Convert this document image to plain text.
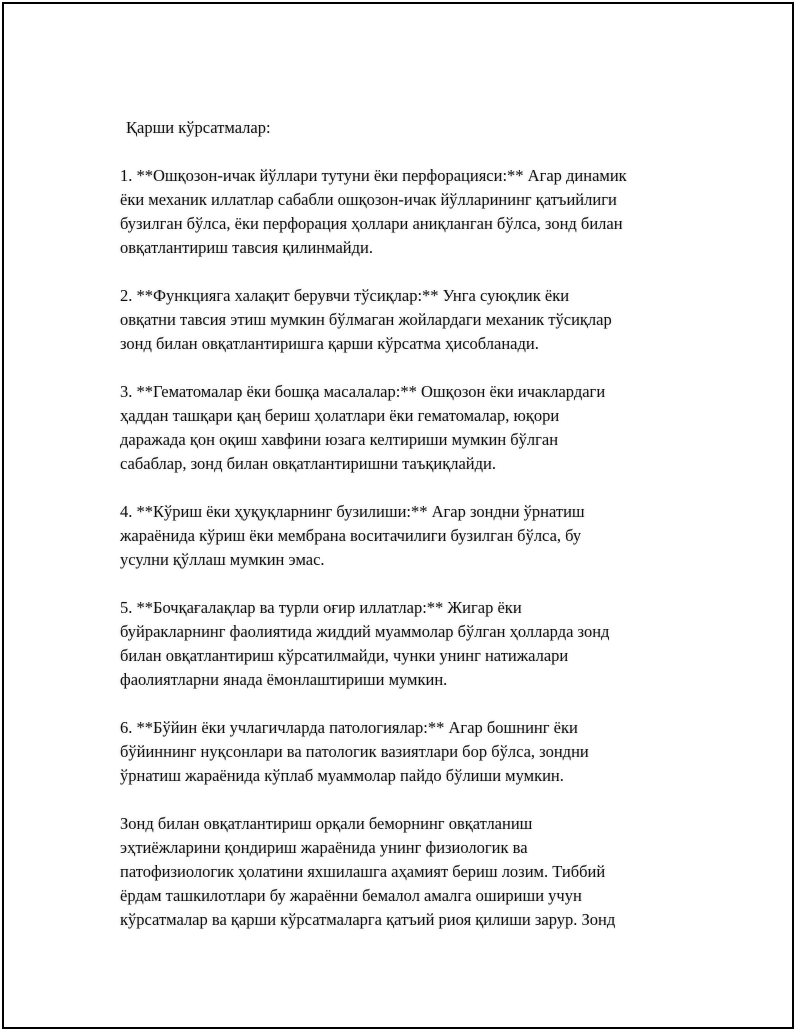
Қарши кўрсатмалар:
1. **Ошқозон-ичак йўллари тутуни ёки перфорацияси:** Агар динамик
ёки механик иллатлар сабабли ошқозон-ичак йўлларининг қатъийлиги
бузилган бўлса, ёки перфорация ҳоллари аниқланган бўлса, зонд билан
овқатлантириш тавсия қилинмайди.
2. **Функцияга халақит берувчи тўсиқлар:** Унга суюқлик ёки
овқатни тавсия этиш мумкин бўлмаган жойлардаги механик тўсиқлар
зонд билан овқатлантиришга қарши кўрсатма ҳисобланади.
3. **Гематомалар ёки бошқа масалалар:** Ошқозон ёки ичаклардаги
ҳаддан ташқари қаң бериш ҳолатлари ёки гематомалар, юқори
даражада қон оқиш хавфини юзага келтириши мумкин бўлган
сабаблар, зонд билан овқатлантиришни таъқиқлайди.
4. **Кўриш ёки ҳуқуқларнинг бузилиши:** Агар зондни ўрнатиш
жараёнида кўриш ёки мембрана воситачилиги бузилган бўлса, бу
усулни қўллаш мумкин эмас.
5. **Бочқағалақлар ва турли оғир иллатлар:** Жигар ёки
буйракларнинг фаолиятида жиддий муаммолар бўлган ҳолларда зонд
билан овқатлантириш кўрсатилмайди, чунки унинг натижалари
фаолиятларни янада ёмонлаштириши мумкин.
6. **Бўйин ёки учлагичларда патологиялар:** Агар бошнинг ёки
бўйиннинг нуқсонлари ва патологик вазиятлари бор бўлса, зондни
ўрнатиш жараёнида кўплаб муаммолар пайдо бўлиши мумкин.
Зонд билан овқатлантириш орқали беморнинг овқатланиш
эҳтиёжларини қондириш жараёнида унинг физиологик ва
патофизиологик ҳолатини яхшилашга аҳамият бериш лозим. Тиббий
ёрдам ташкилотлари бу жараённи бемалол амалга ошириши учун
кўрсатмалар ва қарши кўрсатмаларга қатъий риоя қилиши зарур. Зонд
